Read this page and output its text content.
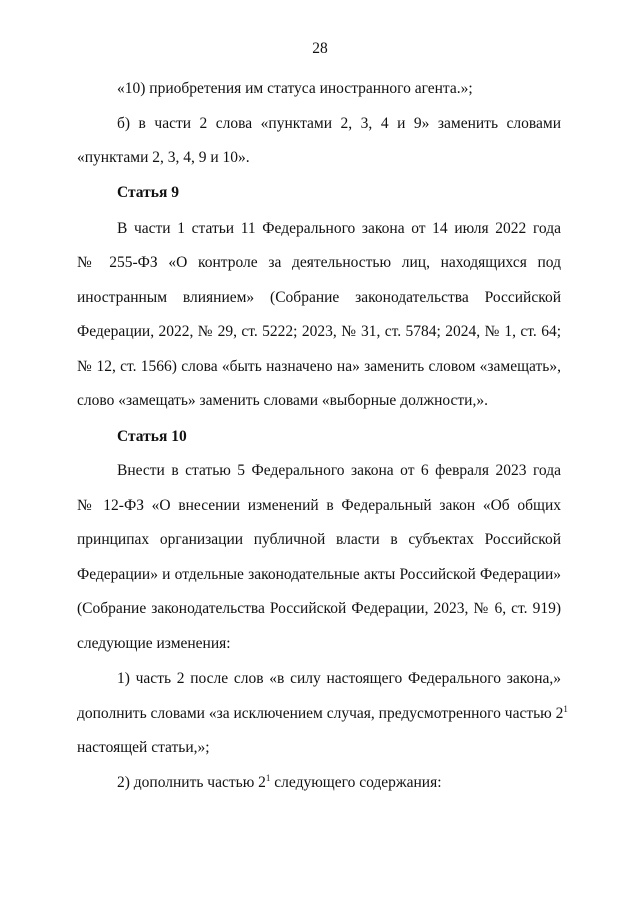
28
«10) приобретения им статуса иностранного агента.»;
б) в части 2 слова «пунктами 2, 3, 4 и 9» заменить словами
«пунктами 2, 3, 4, 9 и 10».
Статья 9
В части 1 статьи 11 Федерального закона от 14 июля 2022 года
№ 255-ФЗ «О контроле за деятельностью лиц, находящихся под
иностранным влиянием» (Собрание законодательства Российской
Федерации, 2022, № 29, ст. 5222; 2023, № 31, ст. 5784; 2024, № 1, ст. 64;
№ 12, ст. 1566) слова «быть назначено на» заменить словом «замещать»,
слово «замещать» заменить словами «выборные должности,».
Статья 10
Внести в статью 5 Федерального закона от 6 февраля 2023 года
№ 12-ФЗ «О внесении изменений в Федеральный закон «Об общих
принципах организации публичной власти в субъектах Российской
Федерации» и отдельные законодательные акты Российской Федерации»
(Собрание законодательства Российской Федерации, 2023, № 6, ст. 919)
следующие изменения:
1) часть 2 после слов «в силу настоящего Федерального закона,»
дополнить словами «за исключением случая, предусмотренного частью $2^1$
настоящей статьи,»;
2) дополнить частью $2^1$ следующего содержания:
